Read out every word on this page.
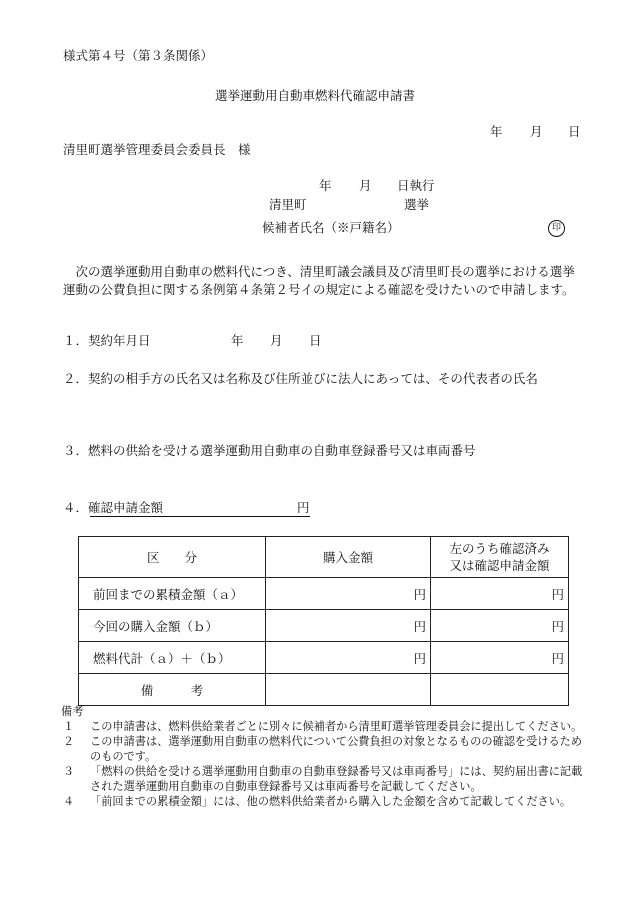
様式第４号（第３条関係）
選挙運動用自動車燃料代確認申請書
年 月 日
清里町選挙管理委員会委員長　様
年 月 日執行
清里町	選挙
候補者氏名（※戸籍名）	印
　次の選挙運動用自動車の燃料代につき、清里町議会議員及び清里町長の選挙における選挙運動の公費負担に関する条例第４条第２号イの規定による確認を受けたいので申請します。
１．契約年月日	年 月 日
２．契約の相手方の氏名又は名称及び住所並びに法人にあっては、その代表者の氏名
３．燃料の供給を受ける選挙運動用自動車の自動車登録番号又は車両番号
４．確認申請金額	円
区　　分	購入金額	左のうち確認済み
又は確認申請金額

前回までの累積金額（ａ）	円	円
今回の購入金額（ｂ）	円	円
燃料代計（ａ）＋（ｂ）	円	円
備　　　考		
備考
１ この申請書は、燃料供給業者ごとに別々に候補者から清里町選挙管理委員会に提出してください。
２ この申請書は、選挙運動用自動車の燃料代について公費負担の対象となるものの確認を受けるためのものです。
３ 「燃料の供給を受ける選挙運動用自動車の自動車登録番号又は車両番号」には、契約届出書に記載された選挙運動用自動車の自動車登録番号又は車両番号を記載してください。
４ 「前回までの累積金額」には、他の燃料供給業者から購入した金額を含めて記載してください。
